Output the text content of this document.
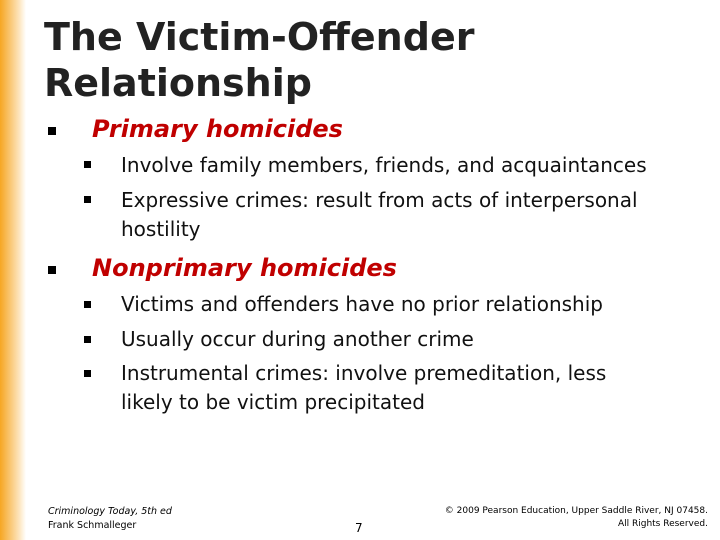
The Victim-Offender
Relationship
Primary homicides
Involve family members, friends, and acquaintances
Expressive crimes: result from acts of interpersonal
hostility
Nonprimary homicides
Victims and offenders have no prior relationship
Usually occur during another crime
Instrumental crimes: involve premeditation, less
likely to be victim precipitated
Criminology Today, 5th ed
Frank Schmalleger	7
© 2009 Pearson Education, Upper Saddle River, NJ 07458.
All Rights Reserved.
